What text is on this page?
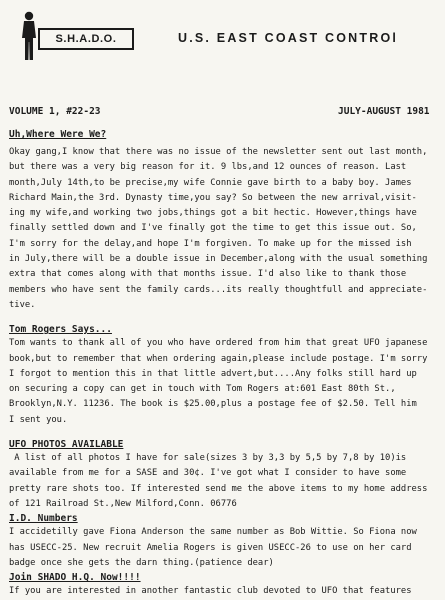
S.H.A.D.O.	U.S. EAST COAST CONTROl
VOLUME 1, #22-23	JULY-AUGUST 1981
Uh,Where Were We?
Okay gang,I know that there was no issue of the newsletter sent out last month,
but there was a very big reason for it. 9 lbs,and 12 ounces of reason. Last
month,July 14th,to be precise,my wife Connie gave birth to a baby boy. James
Richard Main,the 3rd. Dynasty time,you say? So between the new arrival,visit-
ing my wife,and working two jobs,things got a bit hectic. However,things have
finally settled down and I've finally got the time to get this issue out. So,
I'm sorry for the delay,and hope I'm forgiven. To make up for the missed ish
in July,there will be a double issue in December,along with the usual something
extra that comes along with that months issue. I'd also like to thank those
members who have sent the family cards...its really thoughtfull and appreciate-
tive.
Tom Rogers Says...
Tom wants to thank all of you who have ordered from him that great UFO japanese
book,but to remember that when ordering again,please include postage. I'm sorry
I forgot to mention this in that little advert,but....Any folks still hard up
on securing a copy can get in touch with Tom Rogers at:601 East 80th St.,
Brooklyn,N.Y. 11236. The book is $25.00,plus a postage fee of $2.50. Tell him
I sent you.
UFO PHOTOS AVAILABLE
A list of all photos I have for sale(sizes 3 by 3,3 by 5,5 by 7,8 by 10)is
available from me for a SASE and 30¢. I've got what I consider to have some
pretty rare shots too. If interested send me the above items to my home address
of 121 Railroad St.,New Milford,Conn. 06776
I.D. Numbers
I accidetilly gave Fiona Anderson the same number as Bob Wittie. So Fiona now
has USECC-25. New recruit Amelia Rogers is given USECC-26 to use on her card
badge once she gets the darn thing.(patience dear)
Join SHADO H.Q. Now!!!!
If you are interested in another fantastic club devoted to UFO that features
